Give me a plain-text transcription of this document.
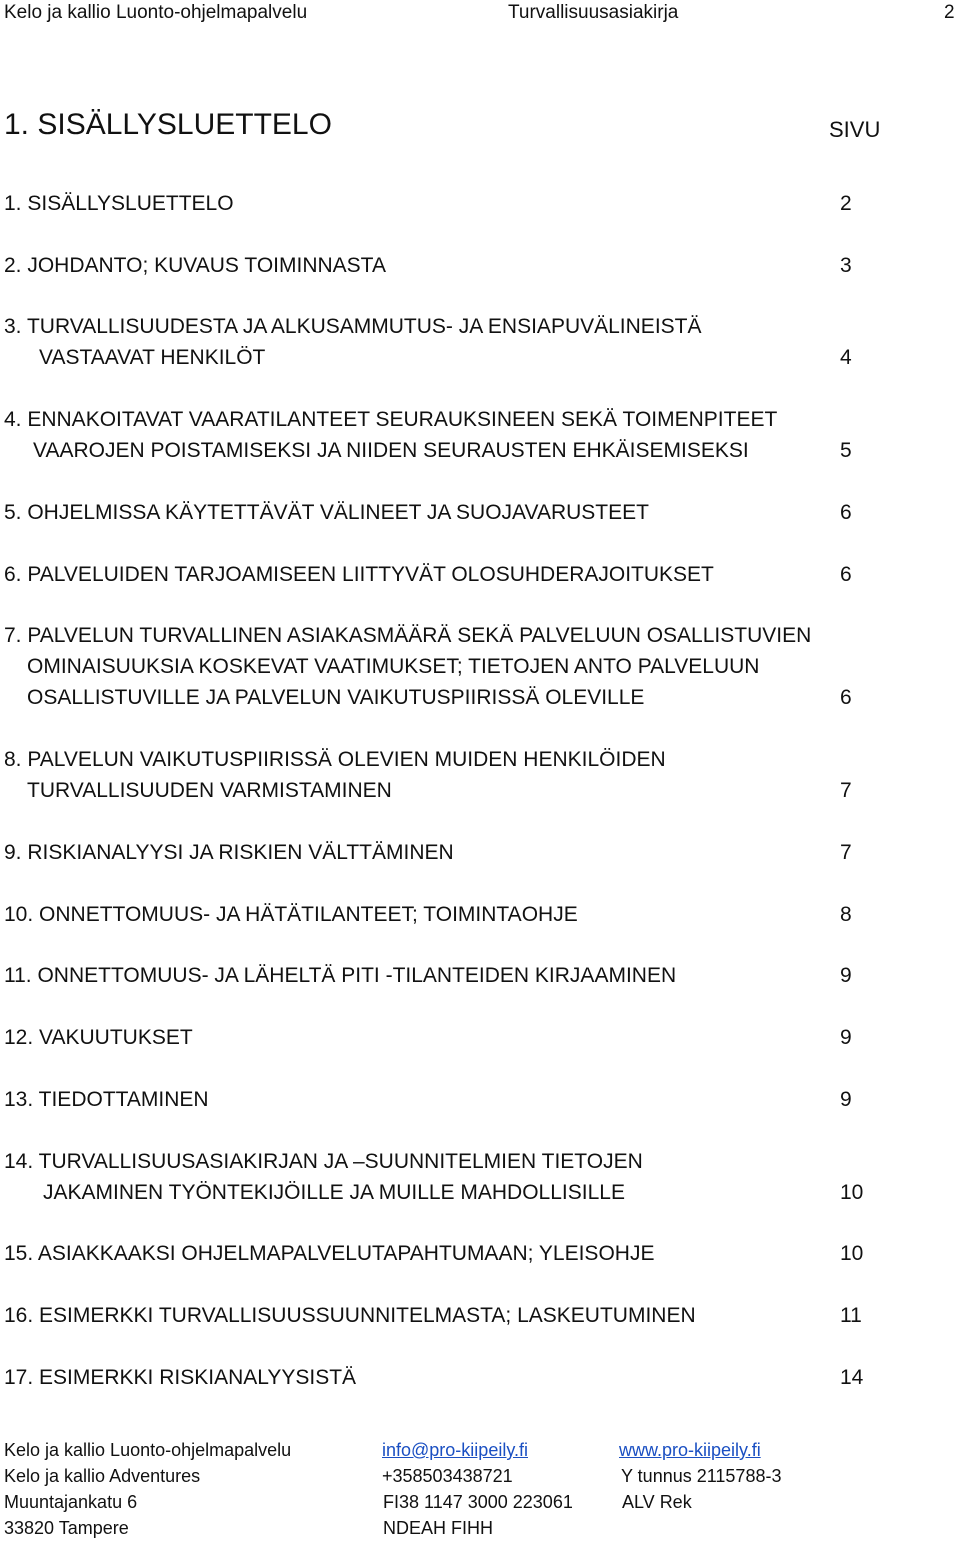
Kelo ja kallio Luonto-ohjelmapalvelu	Turvallisuusasiakirja	2
1. SISÄLLYSLUETTELO	SIVU
1. SISÄLLYSLUETTELO	2
2. JOHDANTO; KUVAUS TOIMINNASTA	3
3. TURVALLISUUDESTA JA ALKUSAMMUTUS- JA ENSIAPUVÄLINEISTÄ
VASTAAVAT HENKILÖT	4
4. ENNAKOITAVAT VAARATILANTEET SEURAUKSINEEN SEKÄ TOIMENPITEET
VAAROJEN POISTAMISEKSI JA NIIDEN SEURAUSTEN EHKÄISEMISEKSI	5
5. OHJELMISSA KÄYTETTÄVÄT VÄLINEET JA SUOJAVARUSTEET	6
6. PALVELUIDEN TARJOAMISEEN LIITTYVÄT OLOSUHDERAJOITUKSET	6
7. PALVELUN TURVALLINEN ASIAKASMÄÄRÄ SEKÄ PALVELUUN OSALLISTUVIEN
OMINAISUUKSIA KOSKEVAT VAATIMUKSET; TIETOJEN ANTO PALVELUUN
OSALLISTUVILLE JA PALVELUN VAIKUTUSPIIRISSÄ OLEVILLE	6
8. PALVELUN VAIKUTUSPIIRISSÄ OLEVIEN MUIDEN HENKILÖIDEN
TURVALLISUUDEN VARMISTAMINEN	7
9. RISKIANALYYSI JA RISKIEN VÄLTTÄMINEN	7
10. ONNETTOMUUS- JA HÄTÄTILANTEET; TOIMINTAOHJE	8
11. ONNETTOMUUS- JA LÄHELTÄ PITI -TILANTEIDEN KIRJAAMINEN	9
12. VAKUUTUKSET	9
13. TIEDOTTAMINEN	9
14. TURVALLISUUSASIAKIRJAN JA –SUUNNITELMIEN TIETOJEN
JAKAMINEN TYÖNTEKIJÖILLE JA MUILLE MAHDOLLISILLE	10
15. ASIAKKAAKSI OHJELMAPALVELUTAPAHTUMAAN; YLEISOHJE	10
16. ESIMERKKI TURVALLISUUSSUUNNITELMASTA; LASKEUTUMINEN	11
17. ESIMERKKI RISKIANALYYSISTÄ	14
Kelo ja kallio Luonto-ohjelmapalvelu	info@pro-kiipeily.fi	www.pro-kiipeily.fi
Kelo ja kallio Adventures	+358503438721	Y tunnus 2115788-3
Muuntajankatu 6	FI38 1147 3000 223061	ALV Rek
33820 Tampere	NDEAH FIHH
